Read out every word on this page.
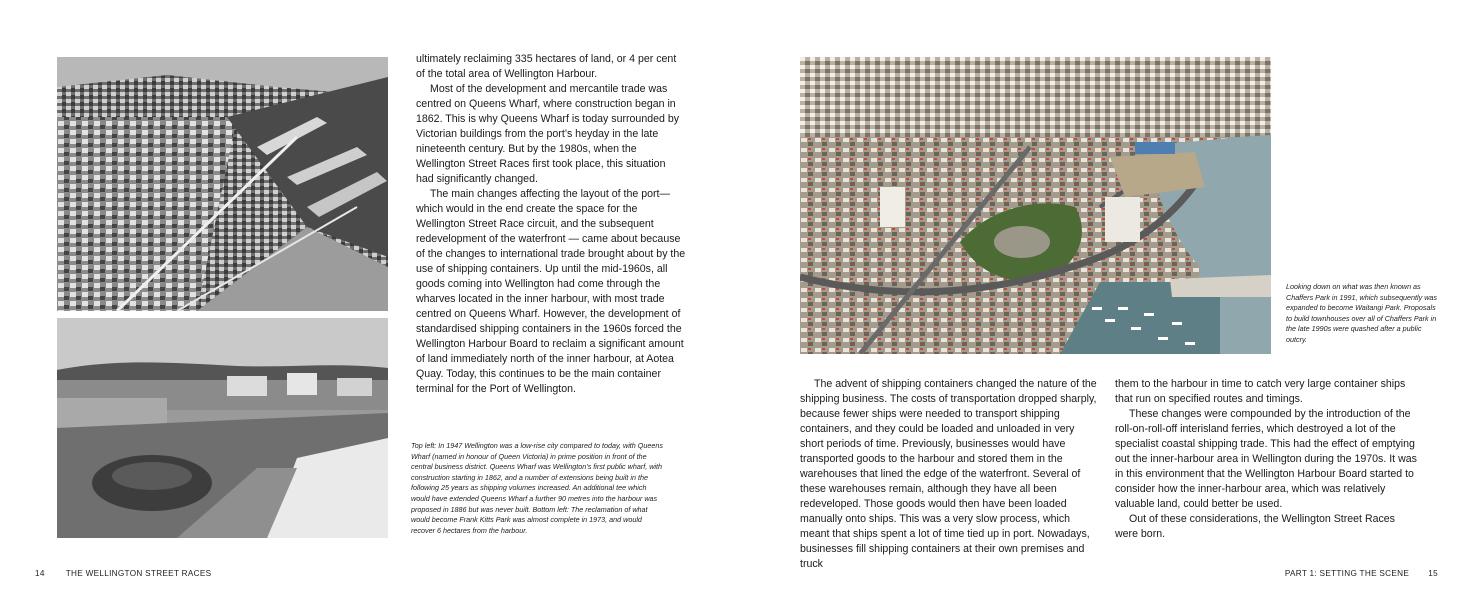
ultimately reclaiming 335 hectares of land, or 4 per cent of the total area of Wellington Harbour.

Most of the development and mercantile trade was centred on Queens Wharf, where construction began in 1862. This is why Queens Wharf is today surrounded by Victorian buildings from the port’s heyday in the late nineteenth century. But by the 1980s, when the Wellington Street Races first took place, this situation had significantly changed.

The main changes affecting the layout of the port— which would in the end create the space for the Wellington Street Race circuit, and the subsequent redevelopment of the waterfront — came about because of the changes to international trade brought about by the use of shipping containers. Up until the mid-1960s, all goods coming into Wellington had come through the wharves located in the inner harbour, with most trade centred on Queens Wharf. However, the development of standardised shipping containers in the 1960s forced the Wellington Harbour Board to reclaim a significant amount of land immediately north of the inner harbour, at Aotea Quay. Today, this continues to be the main container terminal for the Port of Wellington.

Top left: In 1947 Wellington was a low-rise city compared to today, with Queens Wharf (named in honour of Queen Victoria) in prime position in front of the central business district. Queens Wharf was Wellington’s first public wharf, with construction starting in 1862, and a number of extensions being built in the following 25 years as shipping volumes increased. An additional tee which would have extended Queens Wharf a further 90 metres into the harbour was proposed in 1886 but was never built. Bottom left: The reclamation of what would become Frank Kitts Park was almost complete in 1973, and would recover 6 hectares from the harbour.
14	THE WELLINGTON STREET RACES
Looking down on what was then known as Chaffers Park in 1991, which subsequently was expanded to become Waitangi Park. Proposals to build townhouses over all of Chaffers Park in the late 1990s were quashed after a public outcry.

The advent of shipping containers changed the nature of the shipping business. The costs of transportation dropped sharply, because fewer ships were needed to transport shipping containers, and they could be loaded and unloaded in very short periods of time. Previously, businesses would have transported goods to the harbour and stored them in the warehouses that lined the edge of the waterfront. Several of these warehouses remain, although they have all been redeveloped. Those goods would then have been loaded manually onto ships. This was a very slow process, which meant that ships spent a lot of time tied up in port. Nowadays, businesses fill shipping containers at their own premises and truck

them to the harbour in time to catch very large container ships that run on specified routes and timings.

These changes were compounded by the introduction of the roll-on-roll-off interisland ferries, which destroyed a lot of the specialist coastal shipping trade. This had the effect of emptying out the inner-harbour area in Wellington during the 1970s. It was in this environment that the Wellington Harbour Board started to consider how the inner-harbour area, which was relatively valuable land, could better be used.

Out of these considerations, the Wellington Street Races were born.

PART 1: SETTING THE SCENE 15
